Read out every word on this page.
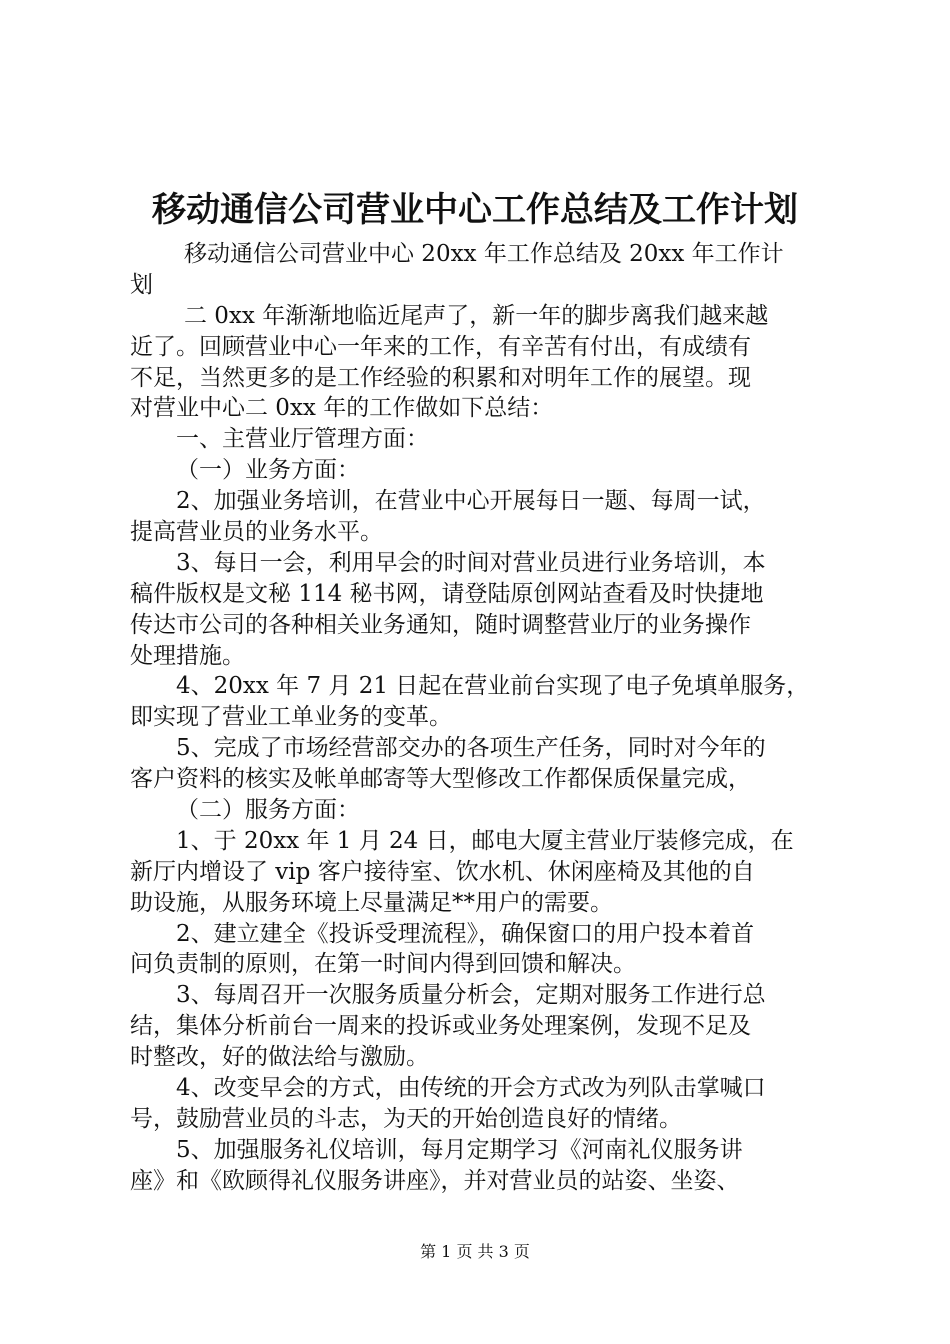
移动通信公司营业中心工作总结及工作计划
移动通信公司营业中心 20xx 年工作总结及 20xx 年工作计
划
二 0xx 年渐渐地临近尾声了，新一年的脚步离我们越来越
近了。回顾营业中心一年来的工作，有辛苦有付出，有成绩有
不足，当然更多的是工作经验的积累和对明年工作的展望。现
对营业中心二 0xx 年的工作做如下总结：
一、主营业厅管理方面：
（一）业务方面：
2、加强业务培训，在营业中心开展每日一题、每周一试，
提高营业员的业务水平。
3、每日一会，利用早会的时间对营业员进行业务培训，本
稿件版权是文秘 114 秘书网，请登陆原创网站查看及时快捷地
传达市公司的各种相关业务通知，随时调整营业厅的业务操作
处理措施。
4、20xx 年 7 月 21 日起在营业前台实现了电子免填单服务，
即实现了营业工单业务的变革。
5、完成了市场经营部交办的各项生产任务，同时对今年的
客户资料的核实及帐单邮寄等大型修改工作都保质保量完成，
（二）服务方面：
1、于 20xx 年 1 月 24 日，邮电大厦主营业厅装修完成，在
新厅内增设了 vip 客户接待室、饮水机、休闲座椅及其他的自
助设施，从服务环境上尽量满足**用户的需要。
2、建立建全《投诉受理流程》，确保窗口的用户投本着首
问负责制的原则，在第一时间内得到回馈和解决。
3、每周召开一次服务质量分析会，定期对服务工作进行总
结，集体分析前台一周来的投诉或业务处理案例，发现不足及
时整改，好的做法给与激励。
4、改变早会的方式，由传统的开会方式改为列队击掌喊口
号，鼓励营业员的斗志，为天的开始创造良好的情绪。
5、加强服务礼仪培训，每月定期学习《河南礼仪服务讲
座》和《欧顾得礼仪服务讲座》，并对营业员的站姿、坐姿、
第 1 页 共 3 页
